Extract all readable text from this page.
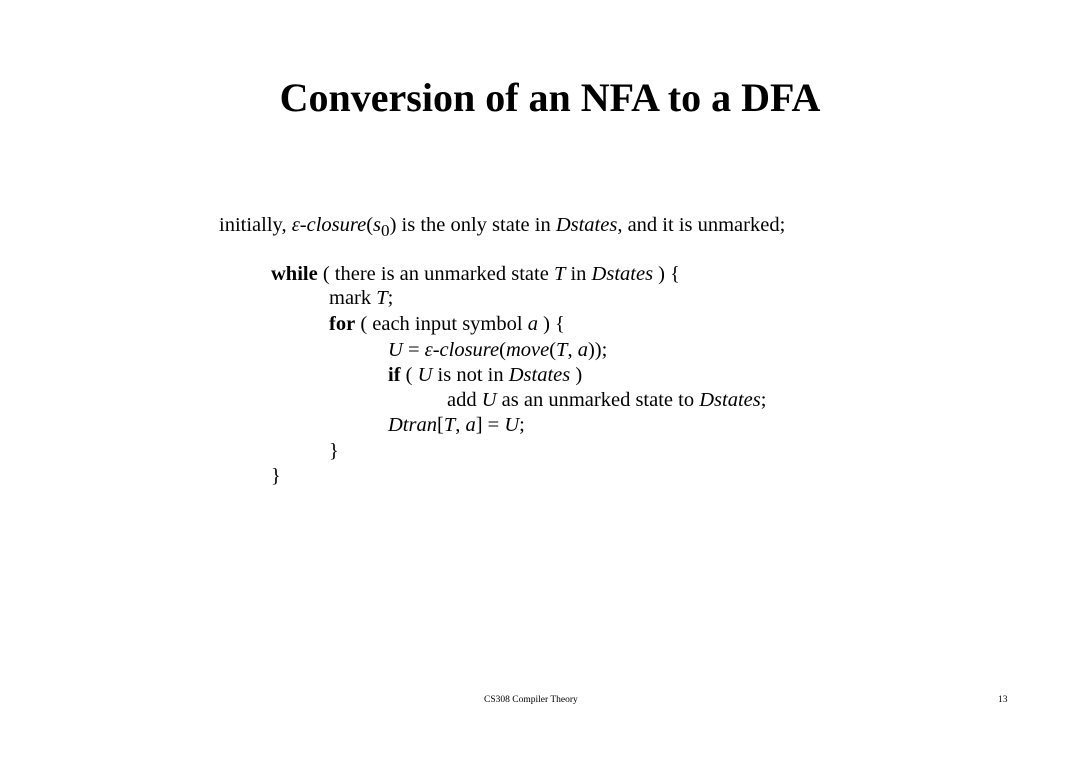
Conversion of an NFA to a DFA
initially, $\varepsilon-closure(s_0)$ is the only state in Dstates, and it is unmarked;
while ( there is an unmarked state T in Dstates ) {
mark T;
for ( each input symbol a ) {
U = ε-closure(move(T, a));
if ( U is not in Dstates )
add U as an unmarked state to Dstates;
Dtran[T, a] = U;
}
}
CS308 Compiler Theory	13
